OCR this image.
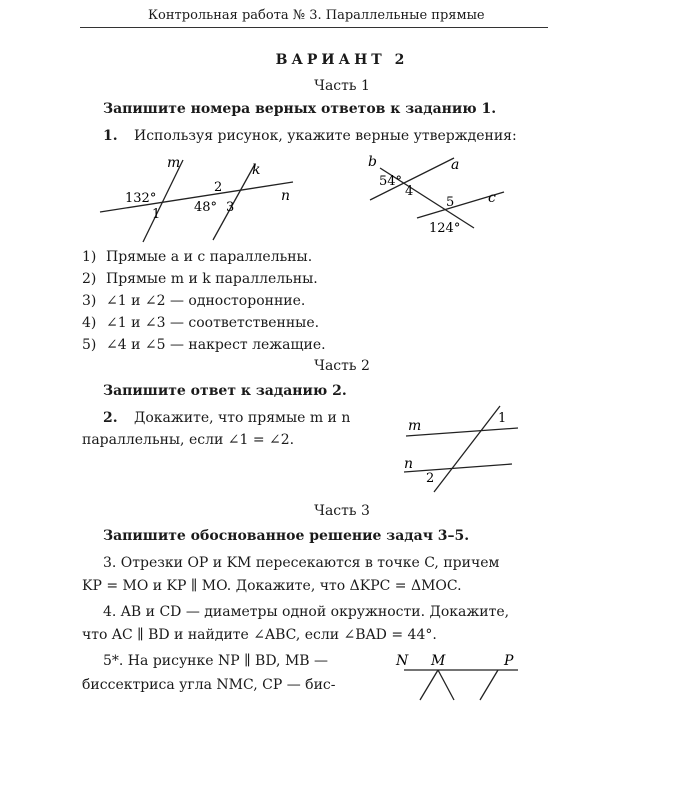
Контрольная работа № 3. Параллельные прямые
ВАРИАНТ 2
Часть 1
Запишите номера верных ответов к заданию 1.
1. Используя рисунок, укажите верные утверждения:
m	k
n
132°
1
2
48° 3
b	a
c
54°
4
5
124°
1) Прямые a и c параллельны.
2) Прямые m и k параллельны.
3) ∠1 и ∠2 — односторонние.
4) ∠1 и ∠3 — соответственные.
5) ∠4 и ∠5 — накрест лежащие.
Часть 2
Запишите ответ к заданию 2.
2. Докажите, что прямые m и n
параллельны, если ∠1 = ∠2.
m
n
1
2
Часть 3
Запишите обоснованное решение задач 3–5.
3. Отрезки OP и KM пересекаются в точке C, причем
KP = MO и KP ∥ MO. Докажите, что ΔKPC = ΔMOC.
4. AB и CD — диаметры одной окружности. Докажите,
что AC ∥ BD и найдите ∠ABC, если ∠BAD = 44°.
5*. На рисунке NP ∥ BD, MB —
биссектриса угла NMC, CP — бис-
N M	P
